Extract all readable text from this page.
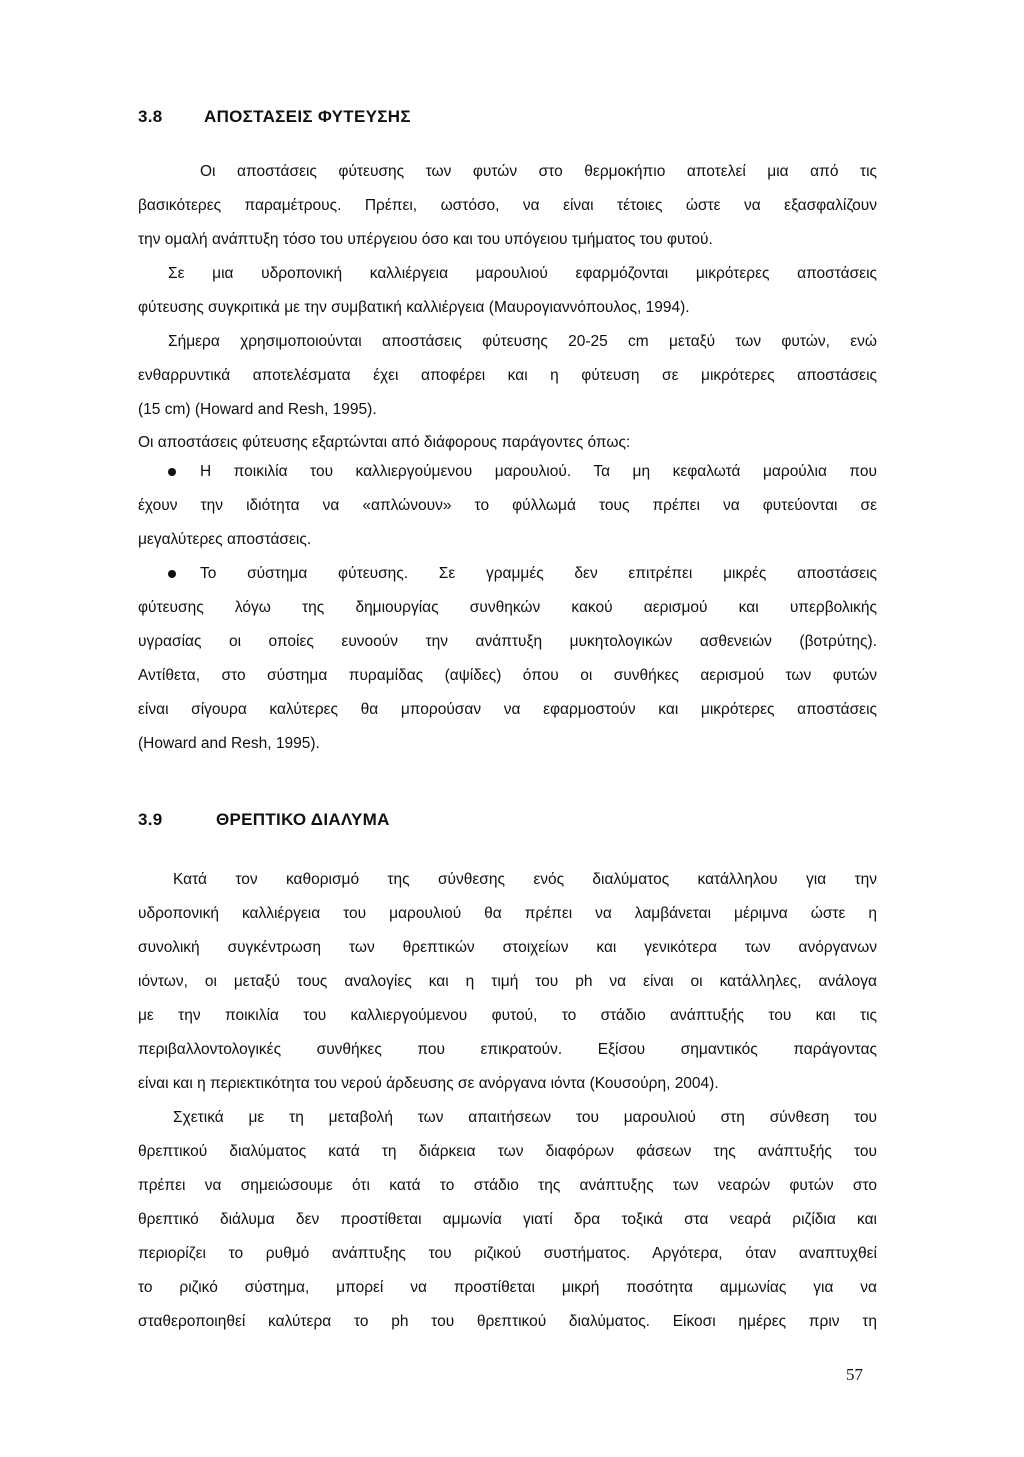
3.8 ΑΠΟΣΤΑΣΕΙΣ ΦΥΤΕΥΣΗΣ
Οι αποστάσεις φύτευσης των φυτών στο θερμοκήπιο αποτελεί μια από τις
βασικότερες παραμέτρους. Πρέπει, ωστόσο, να είναι τέτοιες ώστε να εξασφαλίζουν
την ομαλή ανάπτυξη τόσο του υπέργειου όσο και του υπόγειου τμήματος του φυτού.
Σε μια υδροπονική καλλιέργεια μαρουλιού εφαρμόζονται μικρότερες αποστάσεις
φύτευσης συγκριτικά με την συμβατική καλλιέργεια (Μαυρογιαννόπουλος, 1994).
Σήμερα χρησιμοποιούνται αποστάσεις φύτευσης 20-25 cm μεταξύ των φυτών, ενώ
ενθαρρυντικά αποτελέσματα έχει αποφέρει και η φύτευση σε μικρότερες αποστάσεις
(15 cm) (Howard and Resh, 1995).
Οι αποστάσεις φύτευσης εξαρτώνται από διάφορους παράγοντες όπως:
Η ποικιλία του καλλιεργούμενου μαρουλιού. Τα μη κεφαλωτά μαρούλια που
έχουν την ιδιότητα να «απλώνουν» το φύλλωμά τους πρέπει να φυτεύονται σε
μεγαλύτερες αποστάσεις.
Το σύστημα φύτευσης. Σε γραμμές δεν επιτρέπει μικρές αποστάσεις
φύτευσης λόγω της δημιουργίας συνθηκών κακού αερισμού και υπερβολικής
υγρασίας οι οποίες ευνοούν την ανάπτυξη μυκητολογικών ασθενειών (βοτρύτης).
Αντίθετα, στο σύστημα πυραμίδας (αψίδες) όπου οι συνθήκες αερισμού των φυτών
είναι σίγουρα καλύτερες θα μπορούσαν να εφαρμοστούν και μικρότερες αποστάσεις
(Howard and Resh, 1995).
3.9	ΘΡΕΠΤΙΚΟ ΔΙΑΛΥΜΑ
Κατά τον καθορισμό της σύνθεσης ενός διαλύματος κατάλληλου για την
υδροπονική καλλιέργεια του μαρουλιού θα πρέπει να λαμβάνεται μέριμνα ώστε η
συνολική συγκέντρωση των θρεπτικών στοιχείων και γενικότερα των ανόργανων
ιόντων, οι μεταξύ τους αναλογίες και η τιμή του ph να είναι οι κατάλληλες, ανάλογα
με την ποικιλία του καλλιεργούμενου φυτού, το στάδιο ανάπτυξής του και τις
περιβαλλοντολογικές συνθήκες που επικρατούν. Εξίσου σημαντικός παράγοντας
είναι και η περιεκτικότητα του νερού άρδευσης σε ανόργανα ιόντα (Κουσούρη, 2004).
Σχετικά με τη μεταβολή των απαιτήσεων του μαρουλιού στη σύνθεση του
θρεπτικού διαλύματος κατά τη διάρκεια των διαφόρων φάσεων της ανάπτυξής του
πρέπει να σημειώσουμε ότι κατά το στάδιο της ανάπτυξης των νεαρών φυτών στο
θρεπτικό διάλυμα δεν προστίθεται αμμωνία γιατί δρα τοξικά στα νεαρά ριζίδια και
περιορίζει το ρυθμό ανάπτυξης του ριζικού συστήματος. Αργότερα, όταν αναπτυχθεί
το ριζικό σύστημα, μπορεί να προστίθεται μικρή ποσότητα αμμωνίας για να
σταθεροποιηθεί καλύτερα το ph του θρεπτικού διαλύματος. Είκοσι ημέρες πριν τη
57
